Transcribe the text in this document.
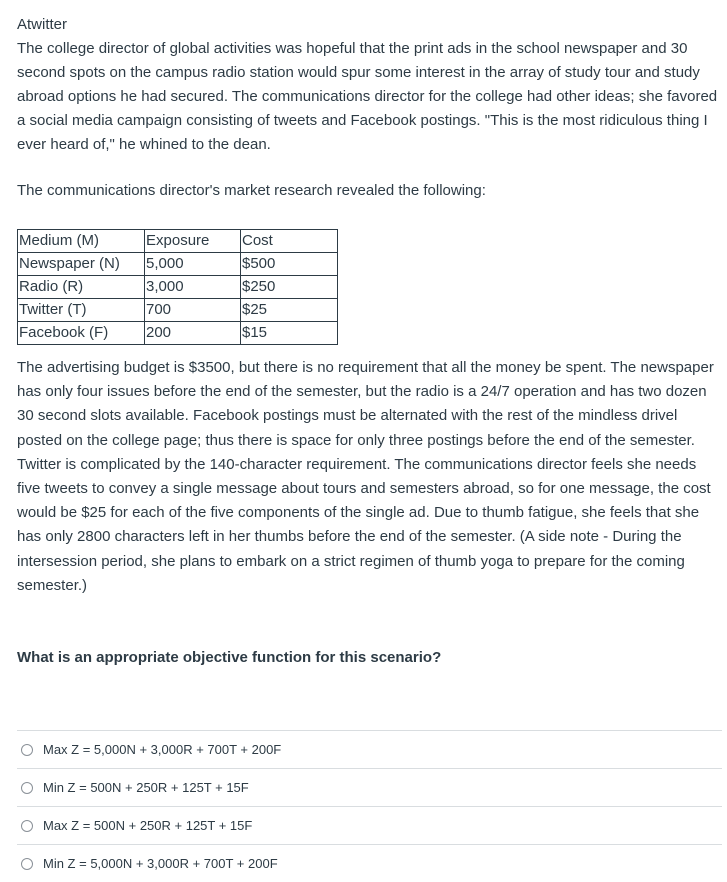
Atwitter

The college director of global activities was hopeful that the print ads in the school newspaper and 30 second spots on the campus radio station would spur some interest in the array of study tour and study abroad options he had secured. The communications director for the college had other ideas; she favored a social media campaign consisting of tweets and Facebook postings. "This is the most ridiculous thing I ever heard of," he whined to the dean.

The communications director's market research revealed the following:

Medium (M)	Exposure	Cost
Newspaper (N)	5,000	$500
Radio (R)	3,000	$250
Twitter (T)	700	$25
Facebook (F)	200	$15

The advertising budget is $3500, but there is no requirement that all the money be spent. The newspaper has only four issues before the end of the semester, but the radio is a 24/7 operation and has two dozen 30 second slots available. Facebook postings must be alternated with the rest of the mindless drivel posted on the college page; thus there is space for only three postings before the end of the semester. Twitter is complicated by the 140-character requirement. The communications director feels she needs five tweets to convey a single message about tours and semesters abroad, so for one message, the cost would be $25 for each of the five components of the single ad. Due to thumb fatigue, she feels that she has only 2800 characters left in her thumbs before the end of the semester. (A side note - During the intersession period, she plans to embark on a strict regimen of thumb yoga to prepare for the coming semester.)

What is an appropriate objective function for this scenario?

Max Z = 5,000N + 3,000R + 700T + 200F
Min Z = 500N + 250R + 125T + 15F
Max Z = 500N + 250R + 125T + 15F
Min Z = 5,000N + 3,000R + 700T + 200F
